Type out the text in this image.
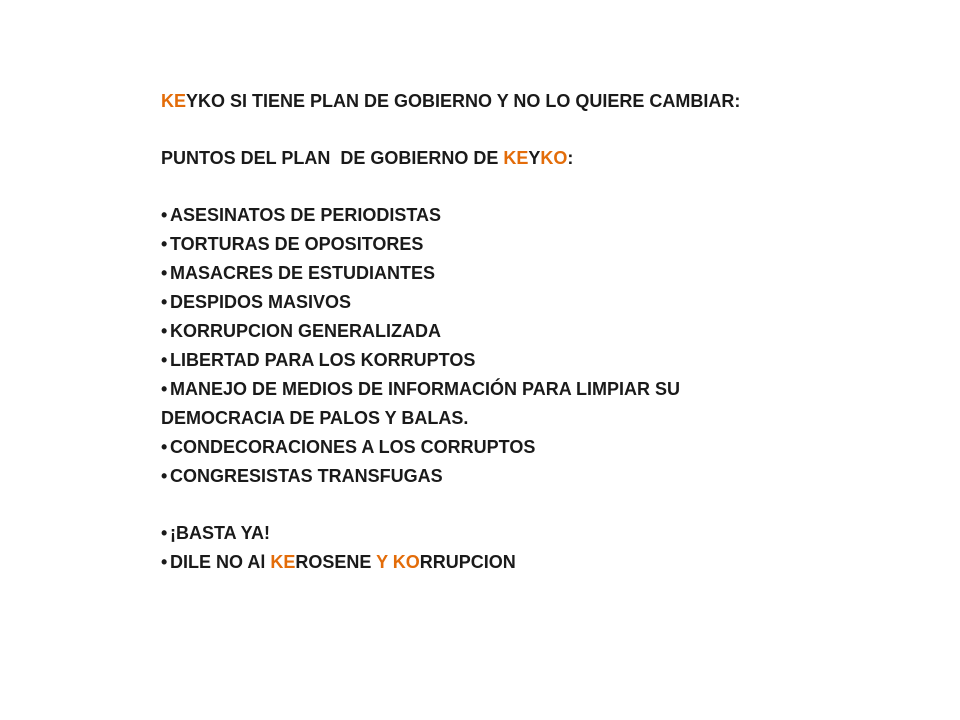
KEYKO SI TIENE PLAN DE GOBIERNO Y NO LO QUIERE CAMBIAR:
PUNTOS DEL PLAN  DE GOBIERNO DE KEYKO:
• ASESINATOS DE PERIODISTAS
• TORTURAS DE OPOSITORES
• MASACRES DE ESTUDIANTES
• DESPIDOS MASIVOS
• KORRUPCION GENERALIZADA
• LIBERTAD PARA LOS KORRUPTOS
• MANEJO DE MEDIOS DE INFORMACIÓN PARA LIMPIAR SU
DEMOCRACIA DE PALOS Y BALAS.
• CONDECORACIONES A LOS CORRUPTOS
• CONGRESISTAS TRANSFUGAS
• ¡BASTA YA!
• DILE NO Al KEROSENE Y KORRUPCION
